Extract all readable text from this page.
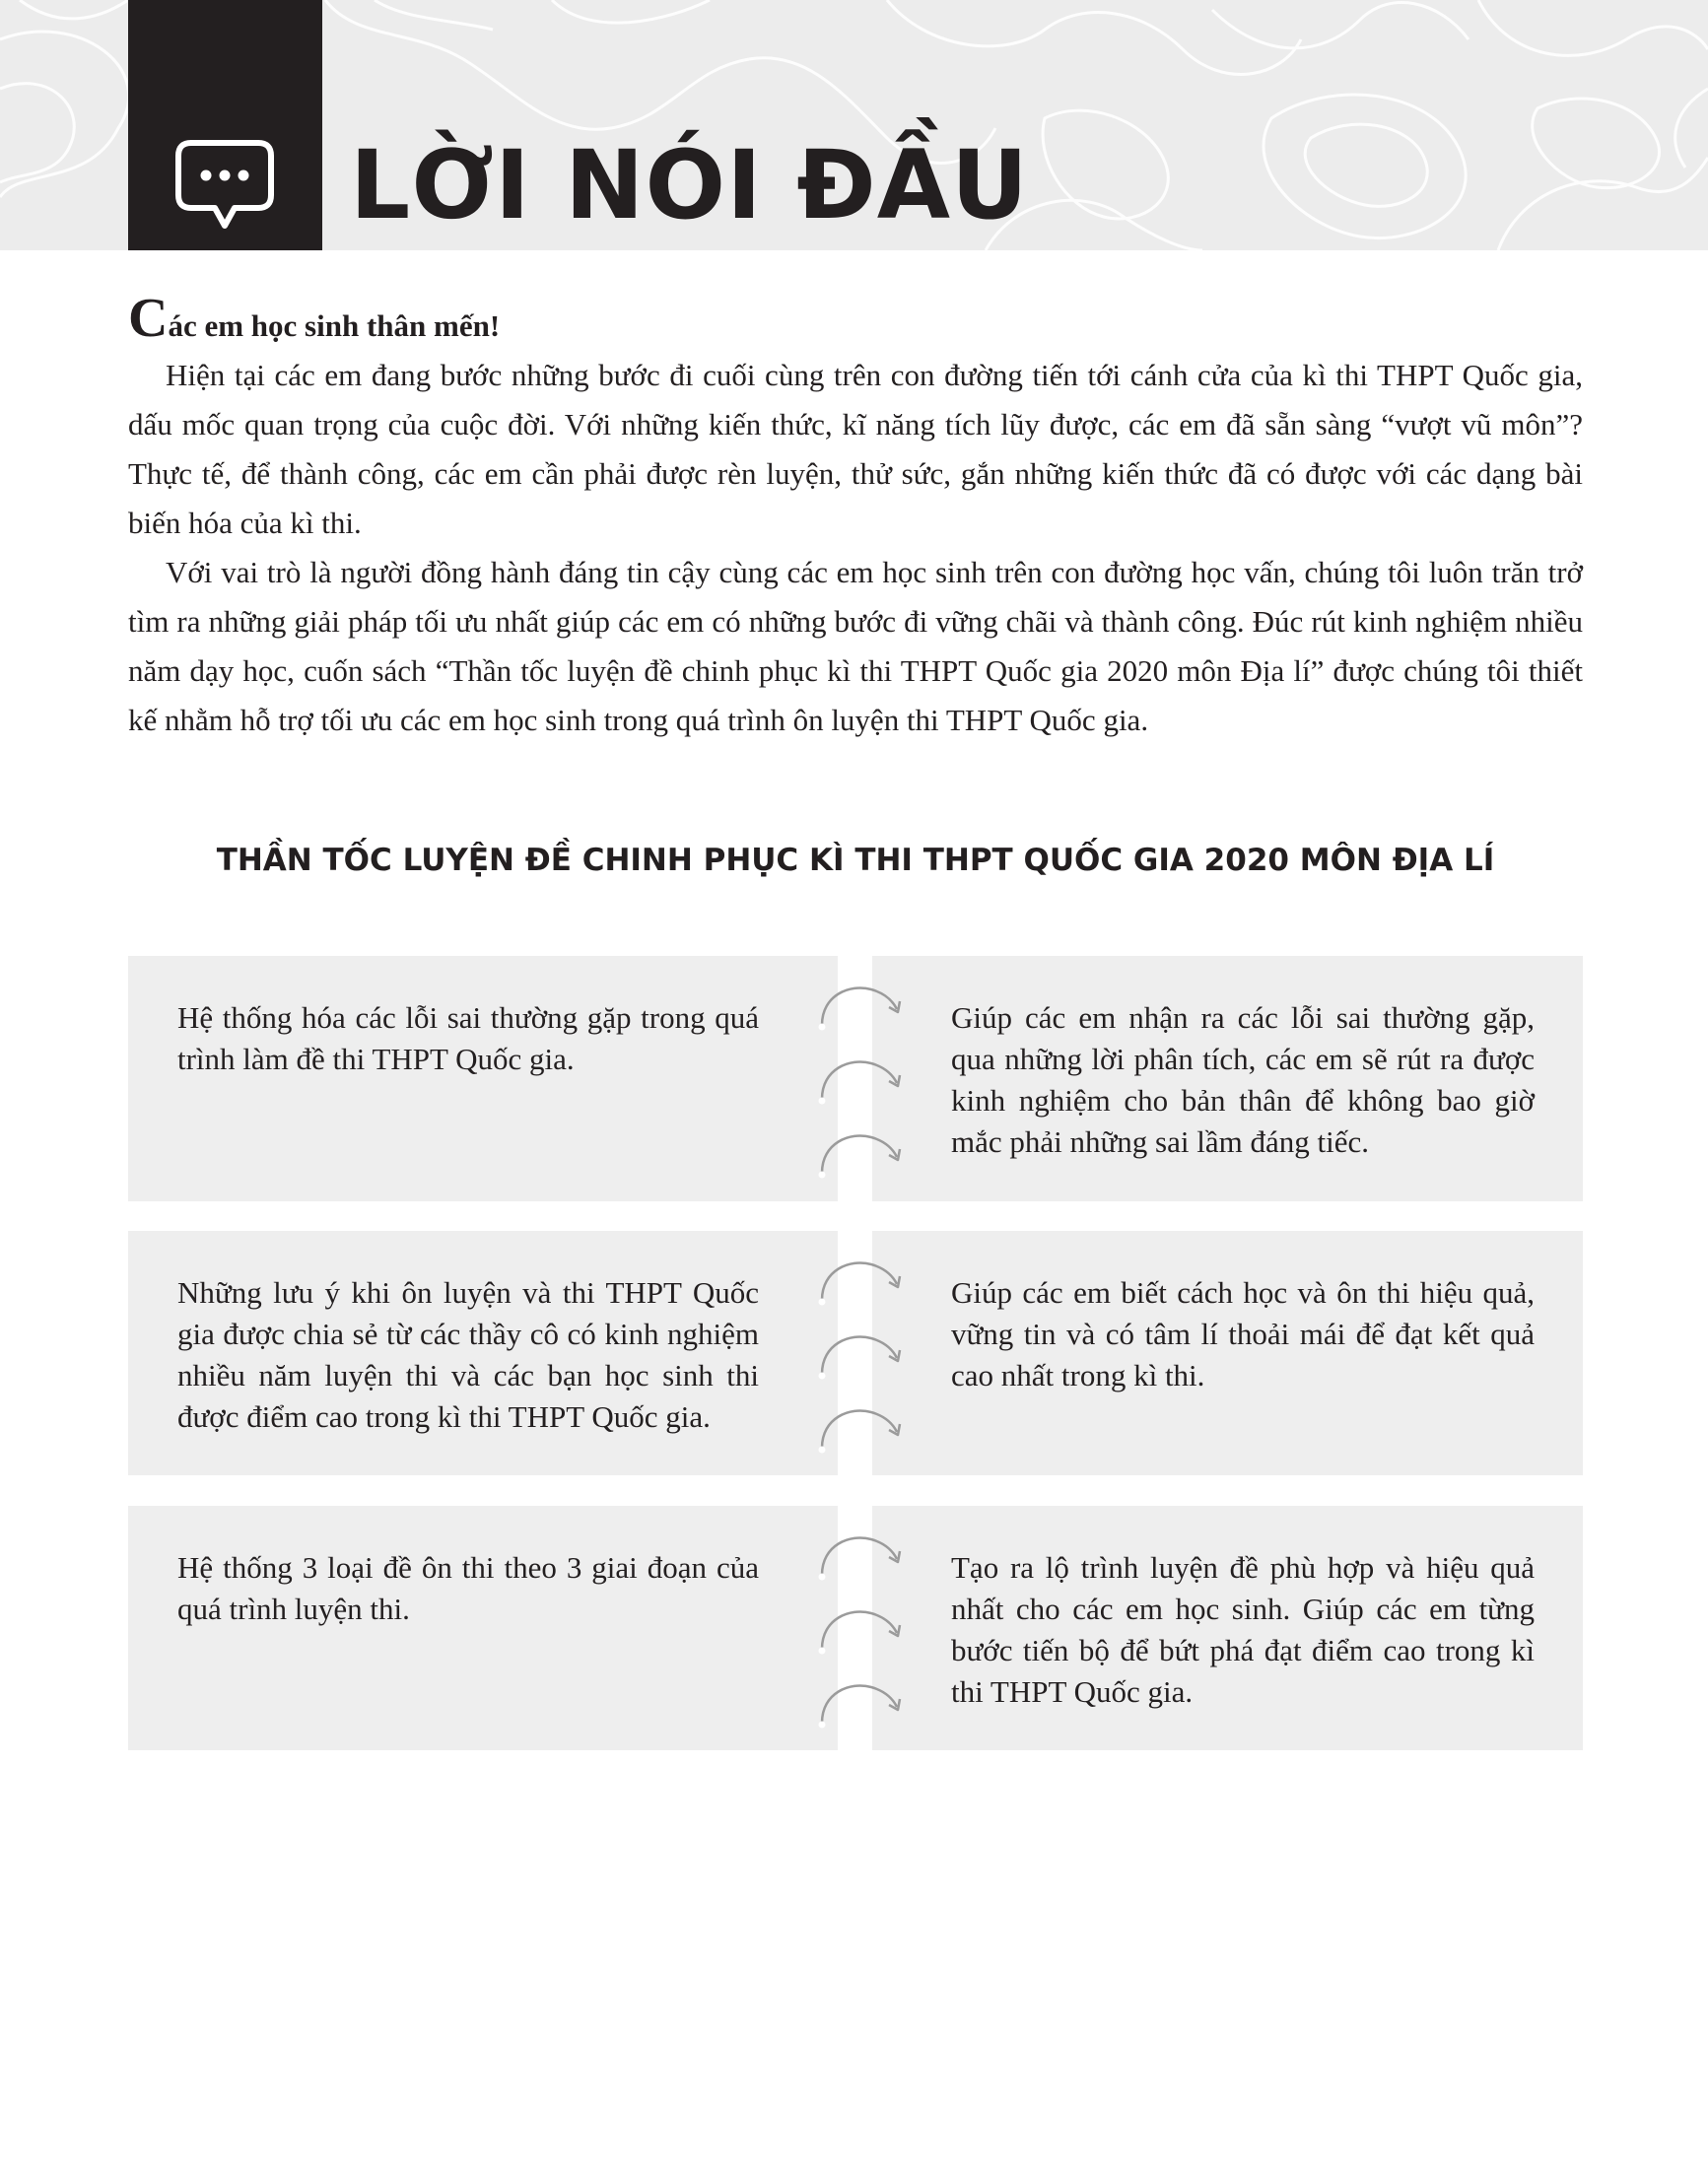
LỜI NÓI ĐẦU

Các em học sinh thân mến!

Hiện tại các em đang bước những bước đi cuối cùng trên con đường tiến tới cánh cửa của kì thi THPT Quốc gia, dấu mốc quan trọng của cuộc đời. Với những kiến thức, kĩ năng tích lũy được, các em đã sẵn sàng “vượt vũ môn”? Thực tế, để thành công, các em cần phải được rèn luyện, thử sức, gắn những kiến thức đã có được với các dạng bài biến hóa của kì thi.

Với vai trò là người đồng hành đáng tin cậy cùng các em học sinh trên con đường học vấn, chúng tôi luôn trăn trở tìm ra những giải pháp tối ưu nhất giúp các em có những bước đi vững chãi và thành công. Đúc rút kinh nghiệm nhiều năm dạy học, cuốn sách “Thần tốc luyện đề chinh phục kì thi THPT Quốc gia 2020 môn Địa lí” được chúng tôi thiết kế nhằm hỗ trợ tối ưu các em học sinh trong quá trình ôn luyện thi THPT Quốc gia.

THẦN TỐC LUYỆN ĐỀ CHINH PHỤC KÌ THI THPT QUỐC GIA 2020 MÔN ĐỊA LÍ

Hệ thống hóa các lỗi sai thường gặp trong quá trình làm đề thi THPT Quốc gia.

Giúp các em nhận ra các lỗi sai thường gặp, qua những lời phân tích, các em sẽ rút ra được kinh nghiệm cho bản thân để không bao giờ mắc phải những sai lầm đáng tiếc.

Những lưu ý khi ôn luyện và thi THPT Quốc gia được chia sẻ từ các thầy cô có kinh nghiệm nhiều năm luyện thi và các bạn học sinh thi được điểm cao trong kì thi THPT Quốc gia.

Giúp các em biết cách học và ôn thi hiệu quả, vững tin và có tâm lí thoải mái để đạt kết quả cao nhất trong kì thi.

Hệ thống 3 loại đề ôn thi theo 3 giai đoạn của quá trình luyện thi.

Tạo ra lộ trình luyện đề phù hợp và hiệu quả nhất cho các em học sinh. Giúp các em từng bước tiến bộ để bứt phá đạt điểm cao trong kì thi THPT Quốc gia.
